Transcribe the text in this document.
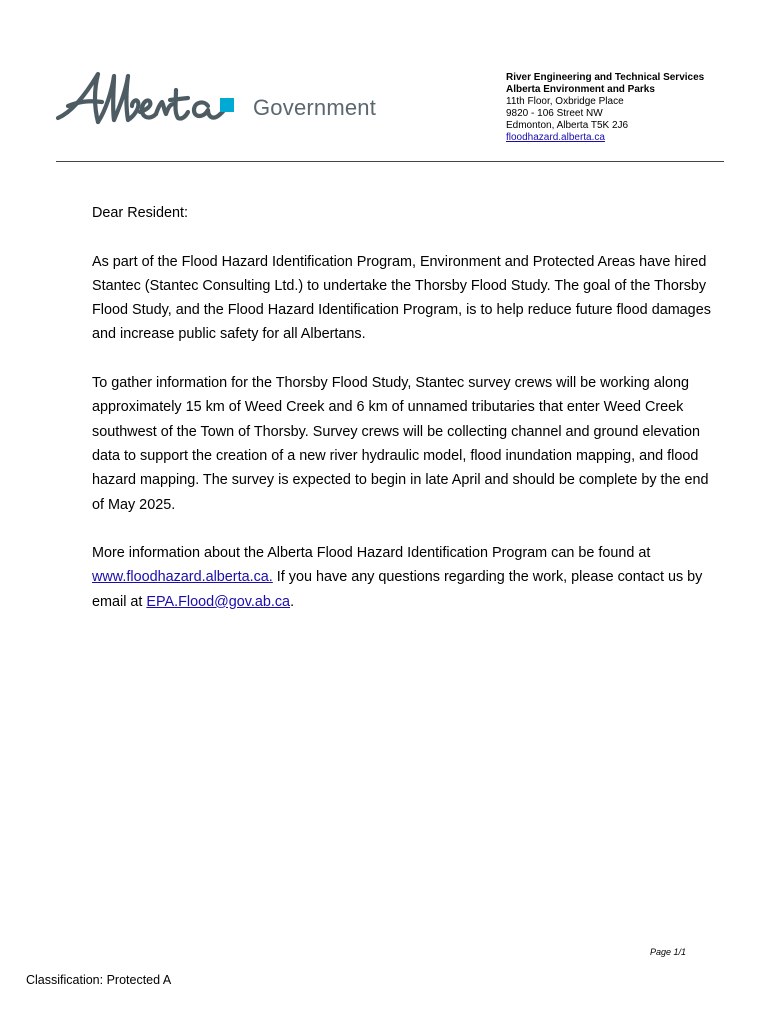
Government
River Engineering and Technical Services
Alberta Environment and Parks
11th Floor, Oxbridge Place
9820 - 106 Street NW
Edmonton, Alberta T5K 2J6
floodhazard.alberta.ca

Dear Resident:

As part of the Flood Hazard Identification Program, Environment and Protected Areas have hired Stantec (Stantec Consulting Ltd.) to undertake the Thorsby Flood Study. The goal of the Thorsby Flood Study, and the Flood Hazard Identification Program, is to help reduce future flood damages and increase public safety for all Albertans.

To gather information for the Thorsby Flood Study, Stantec survey crews will be working along approximately 15 km of Weed Creek and 6 km of unnamed tributaries that enter Weed Creek southwest of the Town of Thorsby. Survey crews will be collecting channel and ground elevation data to support the creation of a new river hydraulic model, flood inundation mapping, and flood hazard mapping. The survey is expected to begin in late April and should be complete by the end of May 2025.

More information about the Alberta Flood Hazard Identification Program can be found at www.floodhazard.alberta.ca. If you have any questions regarding the work, please contact us by email at EPA.Flood@gov.ab.ca.

Page 1/1
Classification: Protected A
